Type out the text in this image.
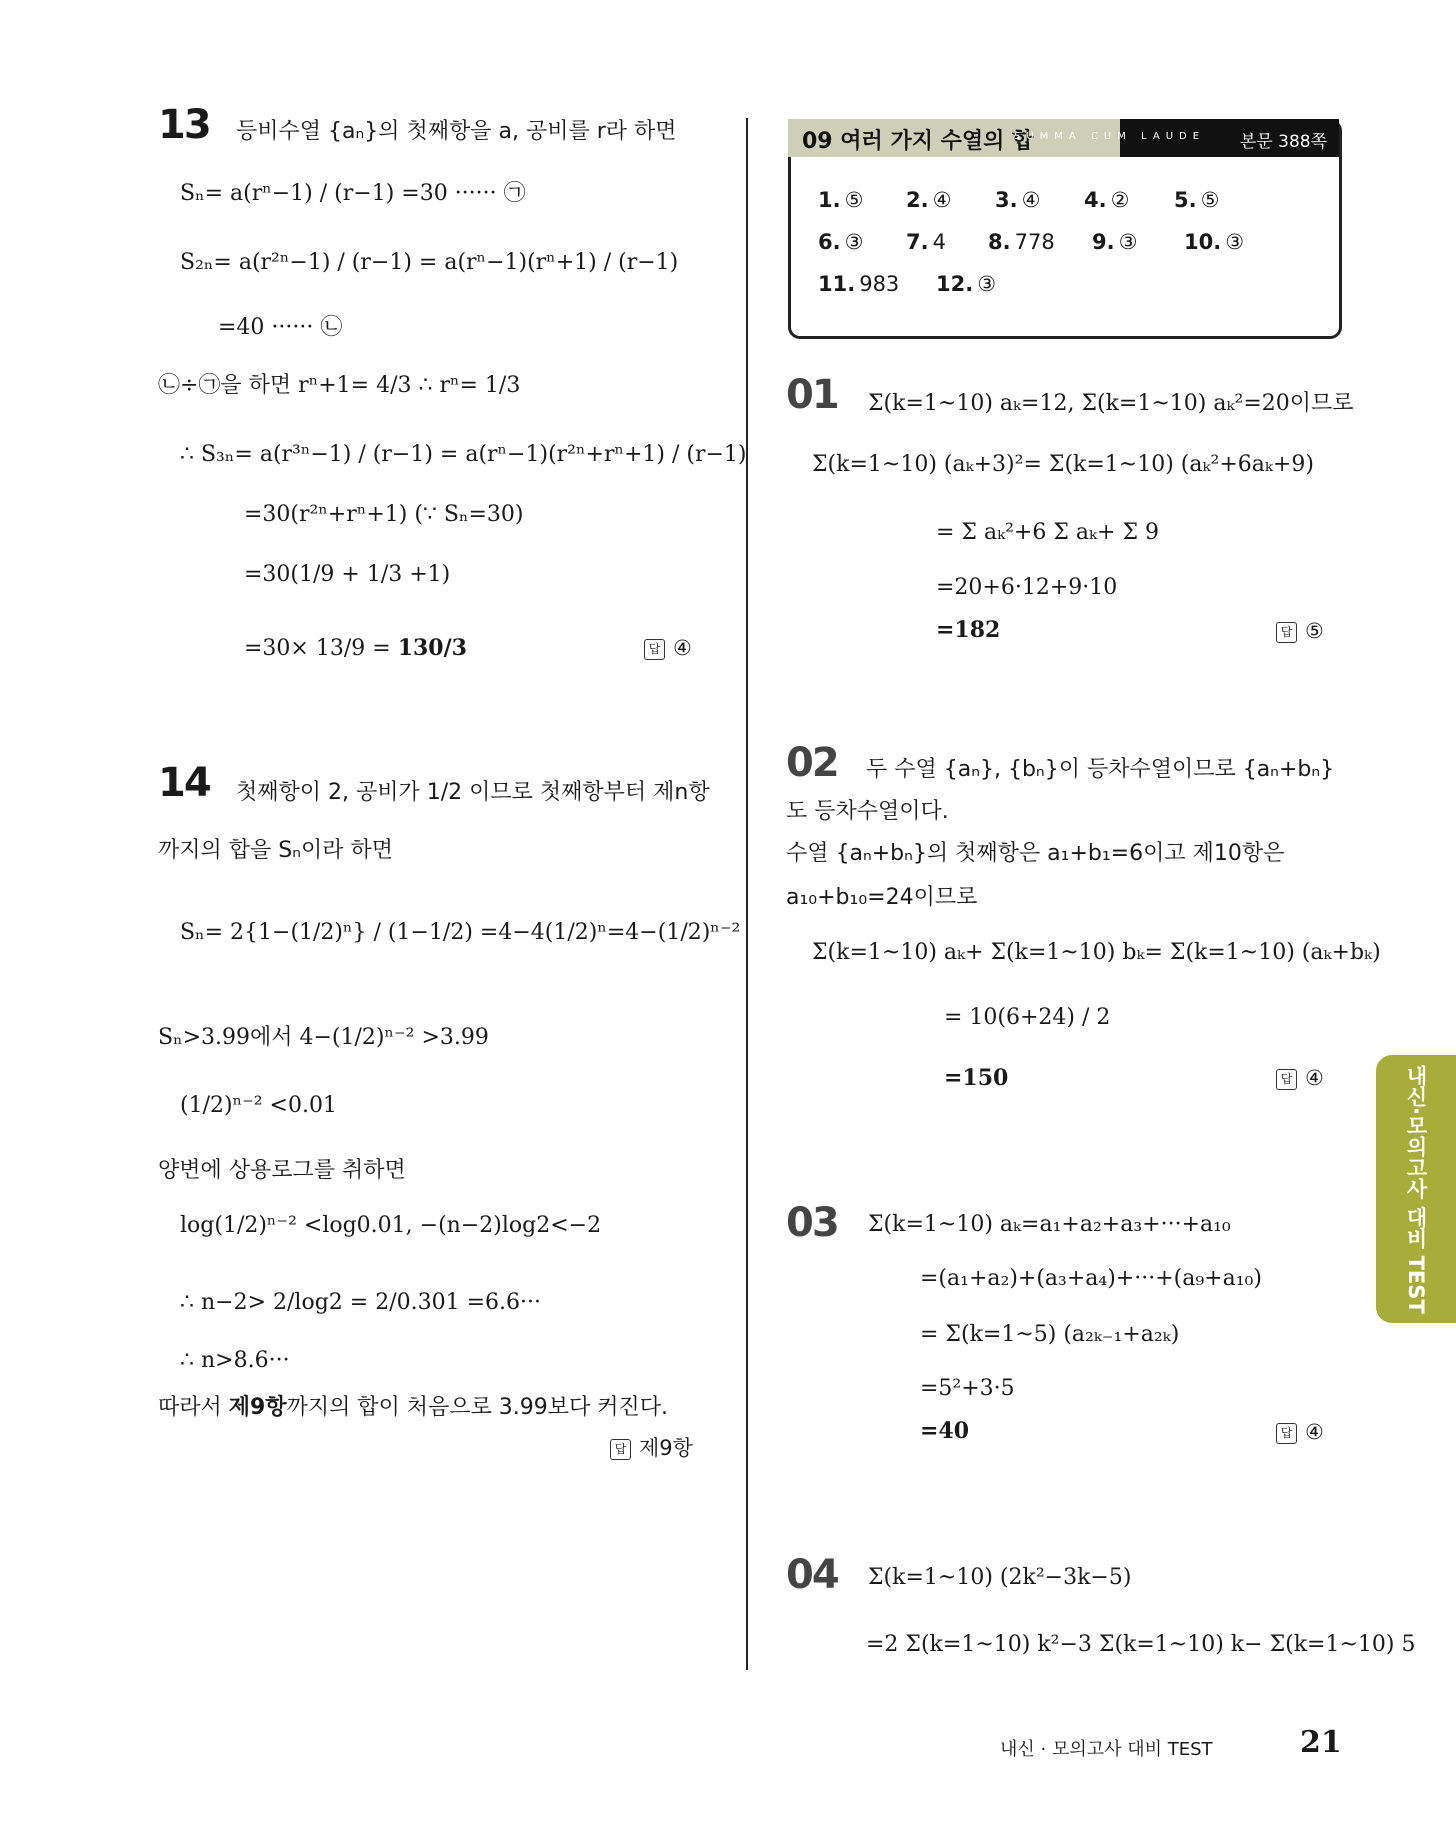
13 등비수열 {aₙ}의 첫째항을 a, 공비를 r라 하면
Sₙ= a(rⁿ−1) / (r−1) =30 ······ ㉠
S₂ₙ= a(r²ⁿ−1) / (r−1) = a(rⁿ−1)(rⁿ+1) / (r−1)
=40 ······ ㉡
㉡÷㉠을 하면 rⁿ+1= 4/3 ∴ rⁿ= 1/3
∴ S₃ₙ= a(r³ⁿ−1) / (r−1) = a(rⁿ−1)(r²ⁿ+rⁿ+1) / (r−1)
=30(r²ⁿ+rⁿ+1) (∵ Sₙ=30)
=30(1/9 + 1/3 +1)
=30× 13/9 = 130/3	답 ④
14 첫째항이 2, 공비가 1/2 이므로 첫째항부터 제n항
까지의 합을 Sₙ이라 하면
Sₙ= 2{1−(1/2)ⁿ} / (1−1/2) =4−4(1/2)ⁿ=4−(1/2)ⁿ⁻²
Sₙ>3.99에서 4−(1/2)ⁿ⁻² >3.99
(1/2)ⁿ⁻² <0.01
양변에 상용로그를 취하면
log(1/2)ⁿ⁻² <log0.01, −(n−2)log2<−2
∴ n−2> 2/log2 = 2/0.301 =6.6···
∴ n>8.6···
따라서 제9항까지의 합이 처음으로 3.99보다 커진다.
답 제9항
09 여러 가지 수열의 합
SUMMA CUM LAUDE 본문 388쪽
1. ⑤ 2. ④ 3. ④ 4. ② 5. ⑤
6. ③ 7. 4 8. 778 9. ③ 10. ③
11. 983 12. ③
01 Σ(k=1~10) aₖ=12, Σ(k=1~10) aₖ²=20이므로
Σ(k=1~10) (aₖ+3)²= Σ(k=1~10) (aₖ²+6aₖ+9)
= Σ aₖ²+6 Σ aₖ+ Σ 9
=20+6·12+9·10
=182	답 ⑤
02 두 수열 {aₙ}, {bₙ}이 등차수열이므로 {aₙ+bₙ}
도 등차수열이다.
수열 {aₙ+bₙ}의 첫째항은 a₁+b₁=6이고 제10항은
a₁₀+b₁₀=24이므로
Σ(k=1~10) aₖ+ Σ(k=1~10) bₖ= Σ(k=1~10) (aₖ+bₖ)
= 10(6+24) / 2
=150	답 ④
03 Σ(k=1~10) aₖ=a₁+a₂+a₃+···+a₁₀
=(a₁+a₂)+(a₃+a₄)+···+(a₉+a₁₀)
= Σ(k=1~5) (a₂ₖ₋₁+a₂ₖ)
=5²+3·5
=40	답 ④
04 Σ(k=1~10) (2k²−3k−5)
=2 Σ(k=1~10) k²−3 Σ(k=1~10) k− Σ(k=1~10) 5
내신·모의고사 대비 TEST
내신 · 모의고사 대비 TEST	21
